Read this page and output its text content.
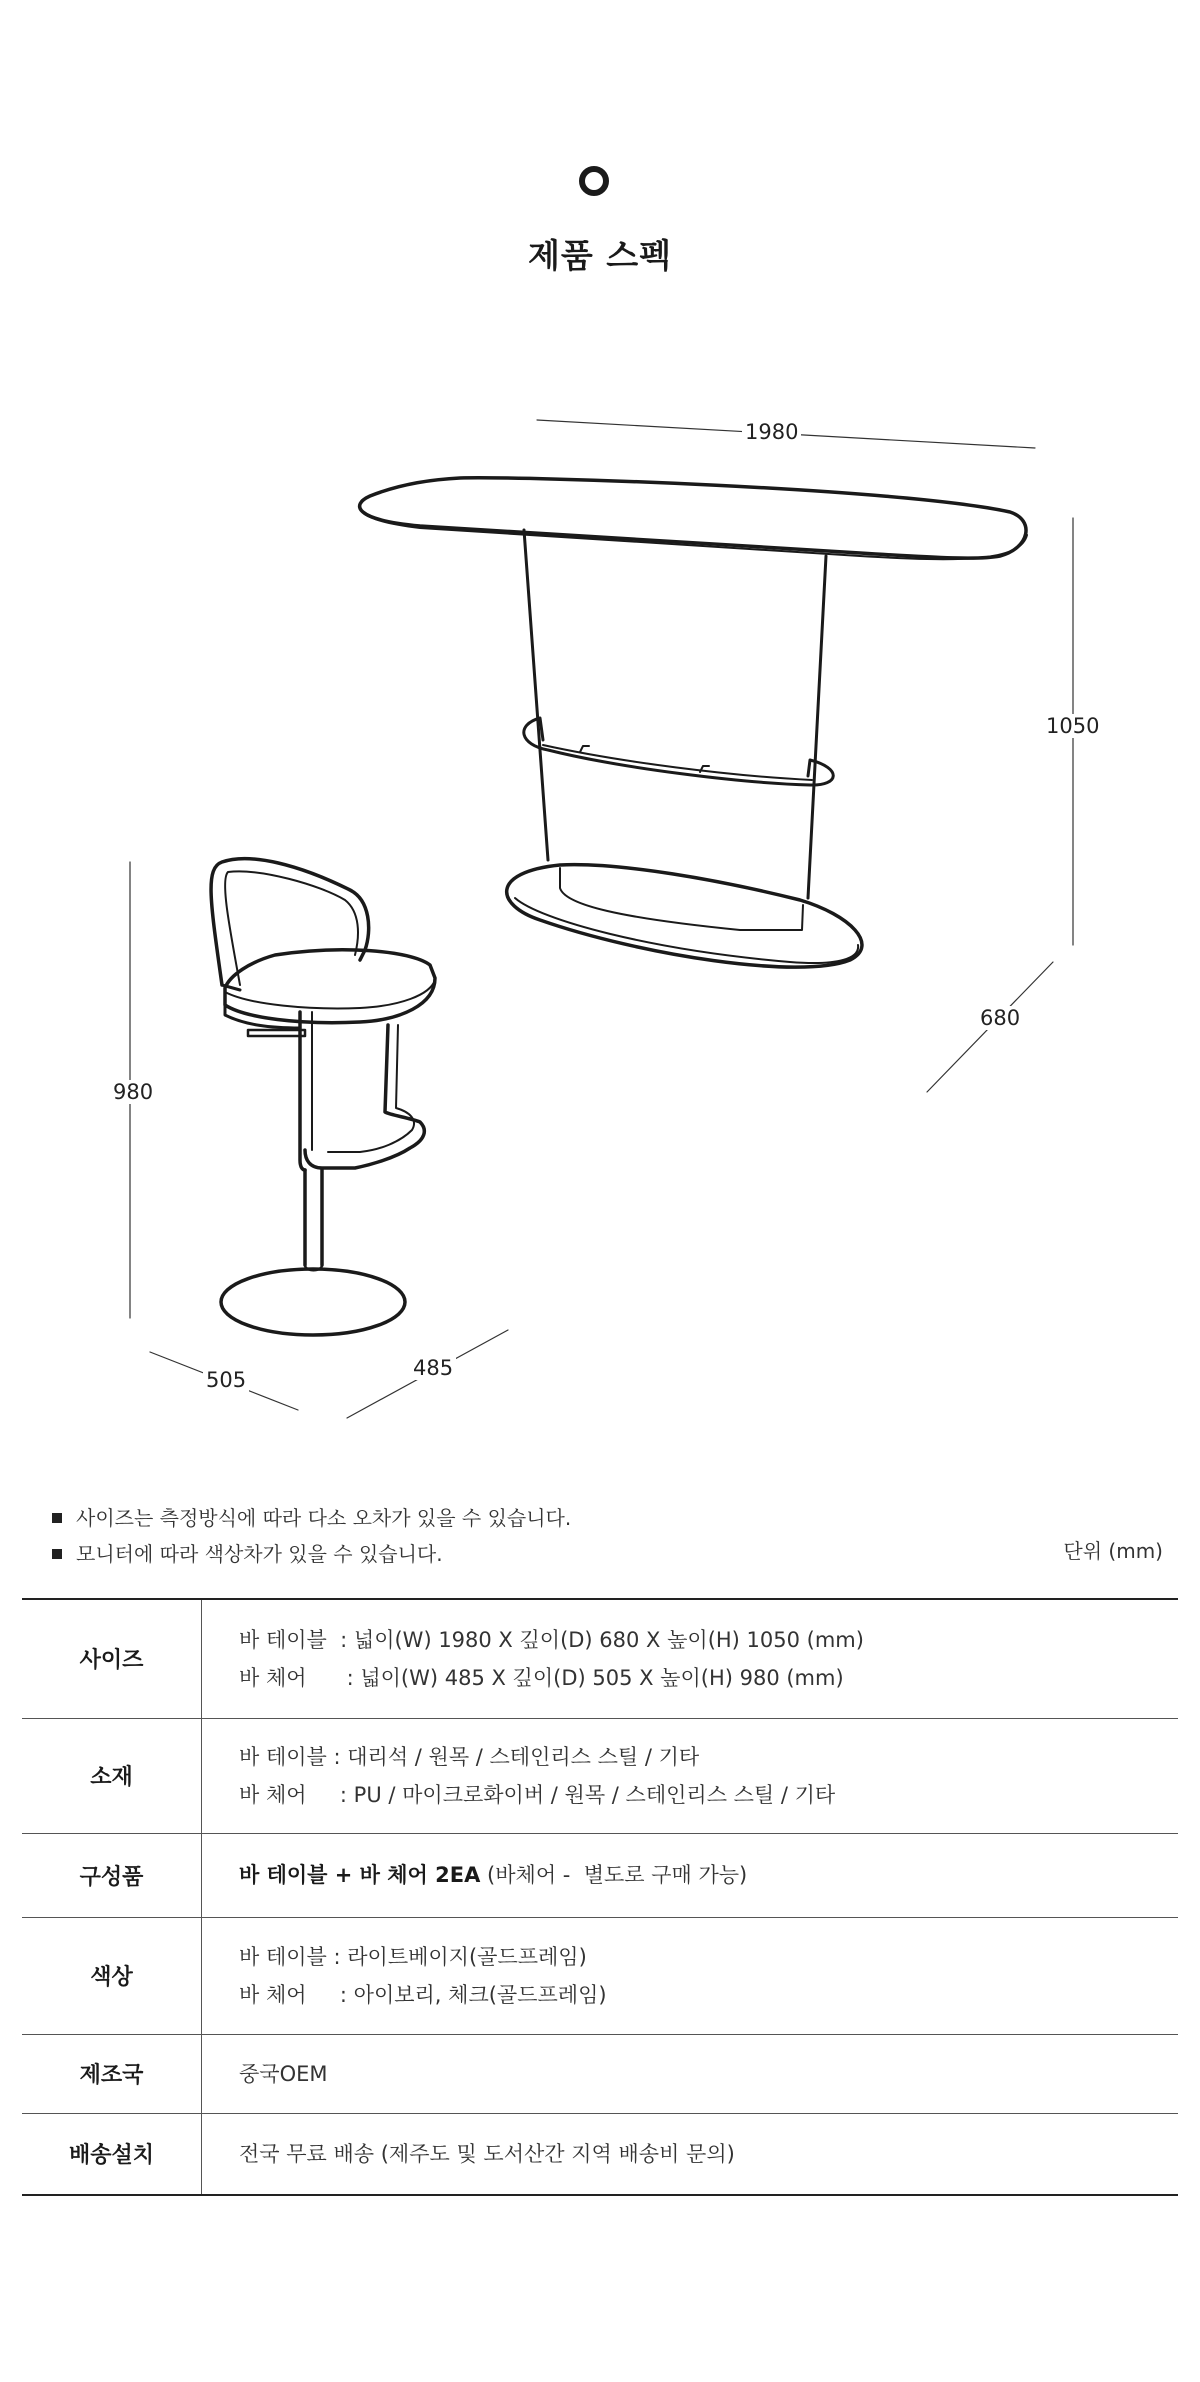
제품 스펙
1980
1050
680
980
505	485
사이즈는 측정방식에 따라 다소 오차가 있을 수 있습니다.
모니터에 따라 색상차가 있을 수 있습니다.	단위 (mm)
사이즈	바 테이블  : 넓이(W) 1980 X 깊이(D) 680 X 높이(H) 1050 (mm)
바 체어      : 넓이(W) 485 X 깊이(D) 505 X 높이(H) 980 (mm)

소재	바 테이블 : 대리석 / 원목 / 스테인리스 스틸 / 기타
바 체어     : PU / 마이크로화이버 / 원목 / 스테인리스 스틸 / 기타

구성품	바 테이블 + 바 체어 2EA (바체어 -  별도로 구매 가능)
색상	바 테이블 : 라이트베이지(골드프레임)
바 체어     : 아이보리, 체크(골드프레임)

제조국	중국OEM
배송설치	전국 무료 배송 (제주도 및 도서산간 지역 배송비 문의)
